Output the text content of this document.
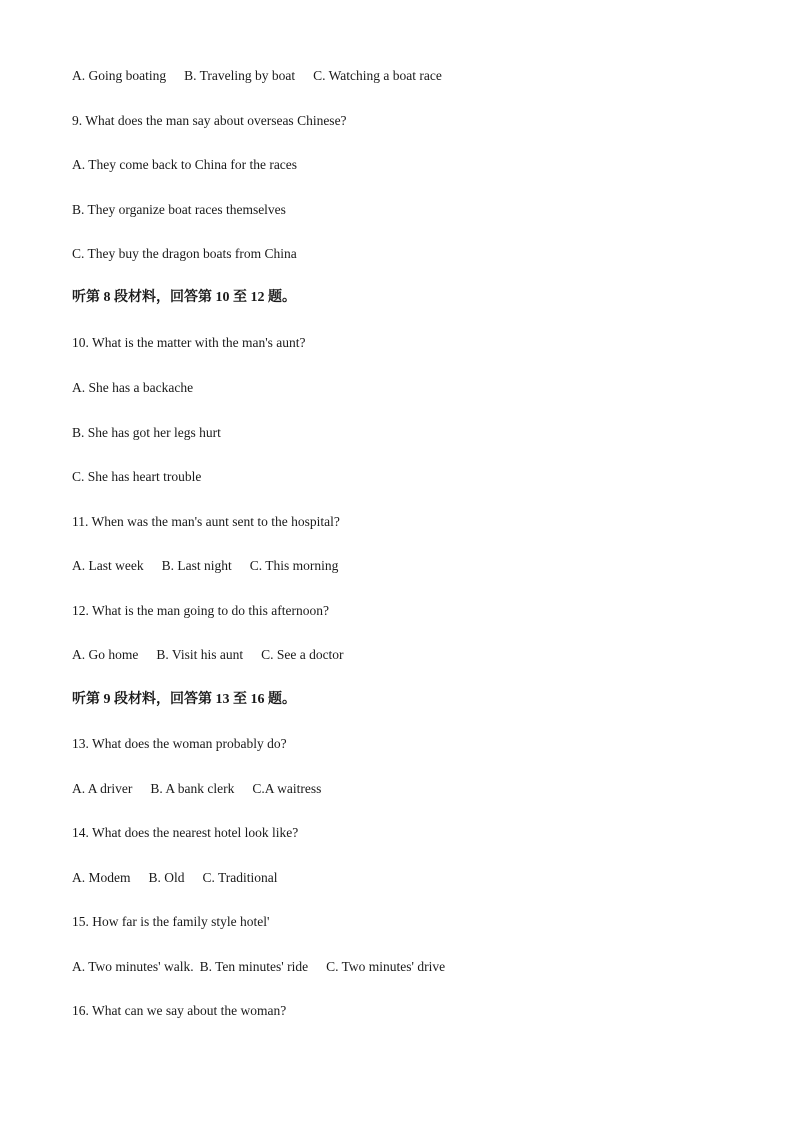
A. Going boating B. Traveling by boat C. Watching a boat race
9. What does the man say about overseas Chinese?
A. They come back to China for the races
B. They organize boat races themselves
C. They buy the dragon boats from China
听第 8 段材料，回答第 10 至 12 题。
10. What is the matter with the man's aunt?
A. She has a backache
B. She has got her legs hurt
C. She has heart trouble
11. When was the man's aunt sent to the hospital?
A. Last week B. Last night C. This morning
12. What is the man going to do this afternoon?
A. Go home B. Visit his aunt C. See a doctor
听第 9 段材料，回答第 13 至 16 题。
13. What does the woman probably do?
A. A driver B. A bank clerk C.A waitress
14. What does the nearest hotel look like?
A. Modem B. Old C. Traditional
15. How far is the family style hotel'
A. Two minutes' walk. B. Ten minutes' ride C. Two minutes' drive
16. What can we say about the woman?
